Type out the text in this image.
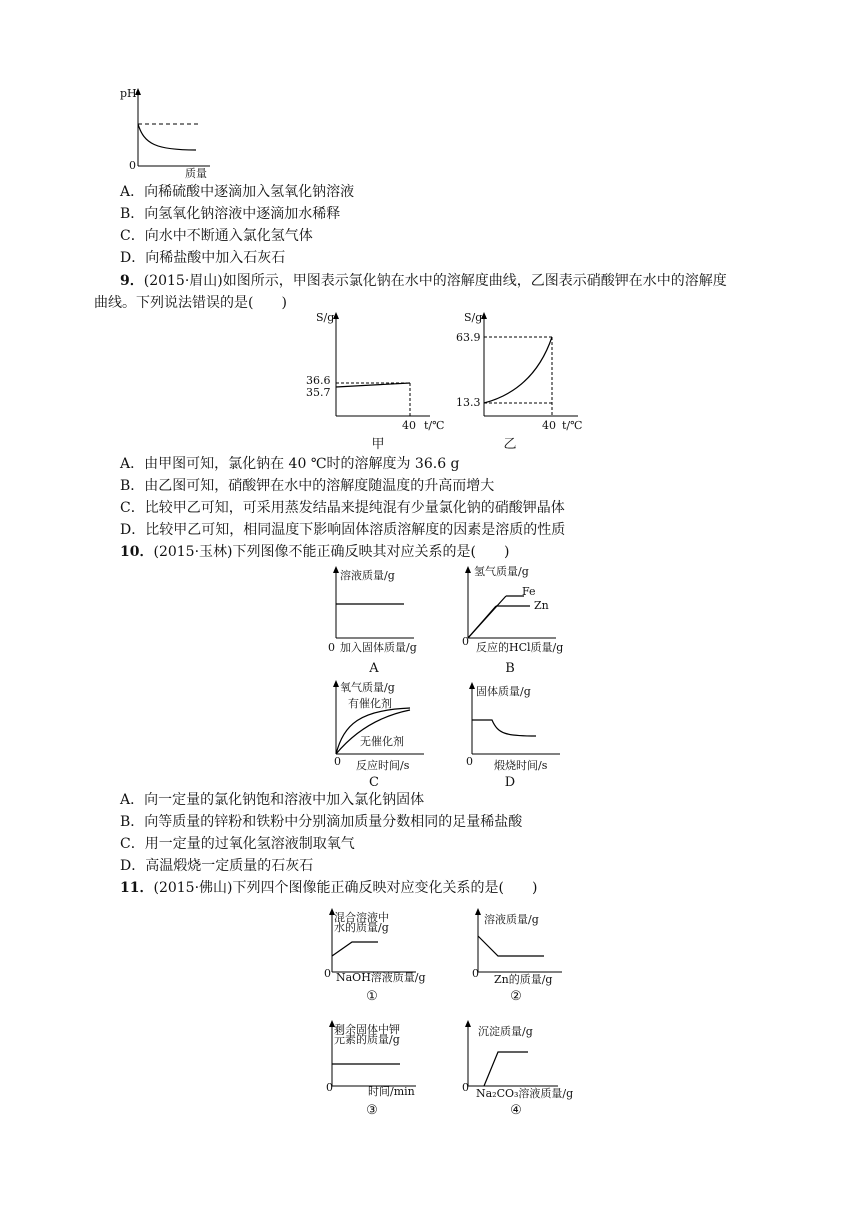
pH
0
质量
A．向稀硫酸中逐滴加入氢氧化钠溶液
B．向氢氧化钠溶液中逐滴加水稀释
C．向水中不断通入氯化氢气体
D．向稀盐酸中加入石灰石
9．(2015·眉山)如图所示，甲图表示氯化钠在水中的溶解度曲线，乙图表示硝酸钾在水中的溶解度
曲线。下列说法错误的是(　　)
S/g
36.6
35.7
40 t/℃
甲
S/g
63.9
13.3
40 t/℃
乙
A．由甲图可知，氯化钠在 40 ℃时的溶解度为 36.6 g
B．由乙图可知，硝酸钾在水中的溶解度随温度的升高而增大
C．比较甲乙可知，可采用蒸发结晶来提纯混有少量氯化钠的硝酸钾晶体
D．比较甲乙可知，相同温度下影响固体溶质溶解度的因素是溶质的性质
10．(2015·玉林)下列图像不能正确反映其对应关系的是(　　)
溶液质量/g
0 加入固体质量/g
A
氢气质量/g
Fe
Zn
0 反应的HCl质量/g
B
氧气质量/g
有催化剂
无催化剂
0 反应时间/s
C
固体质量/g
0 煅烧时间/s
D
A．向一定量的氯化钠饱和溶液中加入氯化钠固体
B．向等质量的锌粉和铁粉中分别滴加质量分数相同的足量稀盐酸
C．用一定量的过氧化氢溶液制取氧气
D．高温煅烧一定质量的石灰石
11．(2015·佛山)下列四个图像能正确反映对应变化关系的是(　　)
混合溶液中
水的质量/g
0 NaOH溶液质量/g
①
溶液质量/g
0 Zn的质量/g
②
剩余固体中钾
元素的质量/g
0	时间/min
③
沉淀质量/g
0 Na₂CO₃溶液质量/g
④
